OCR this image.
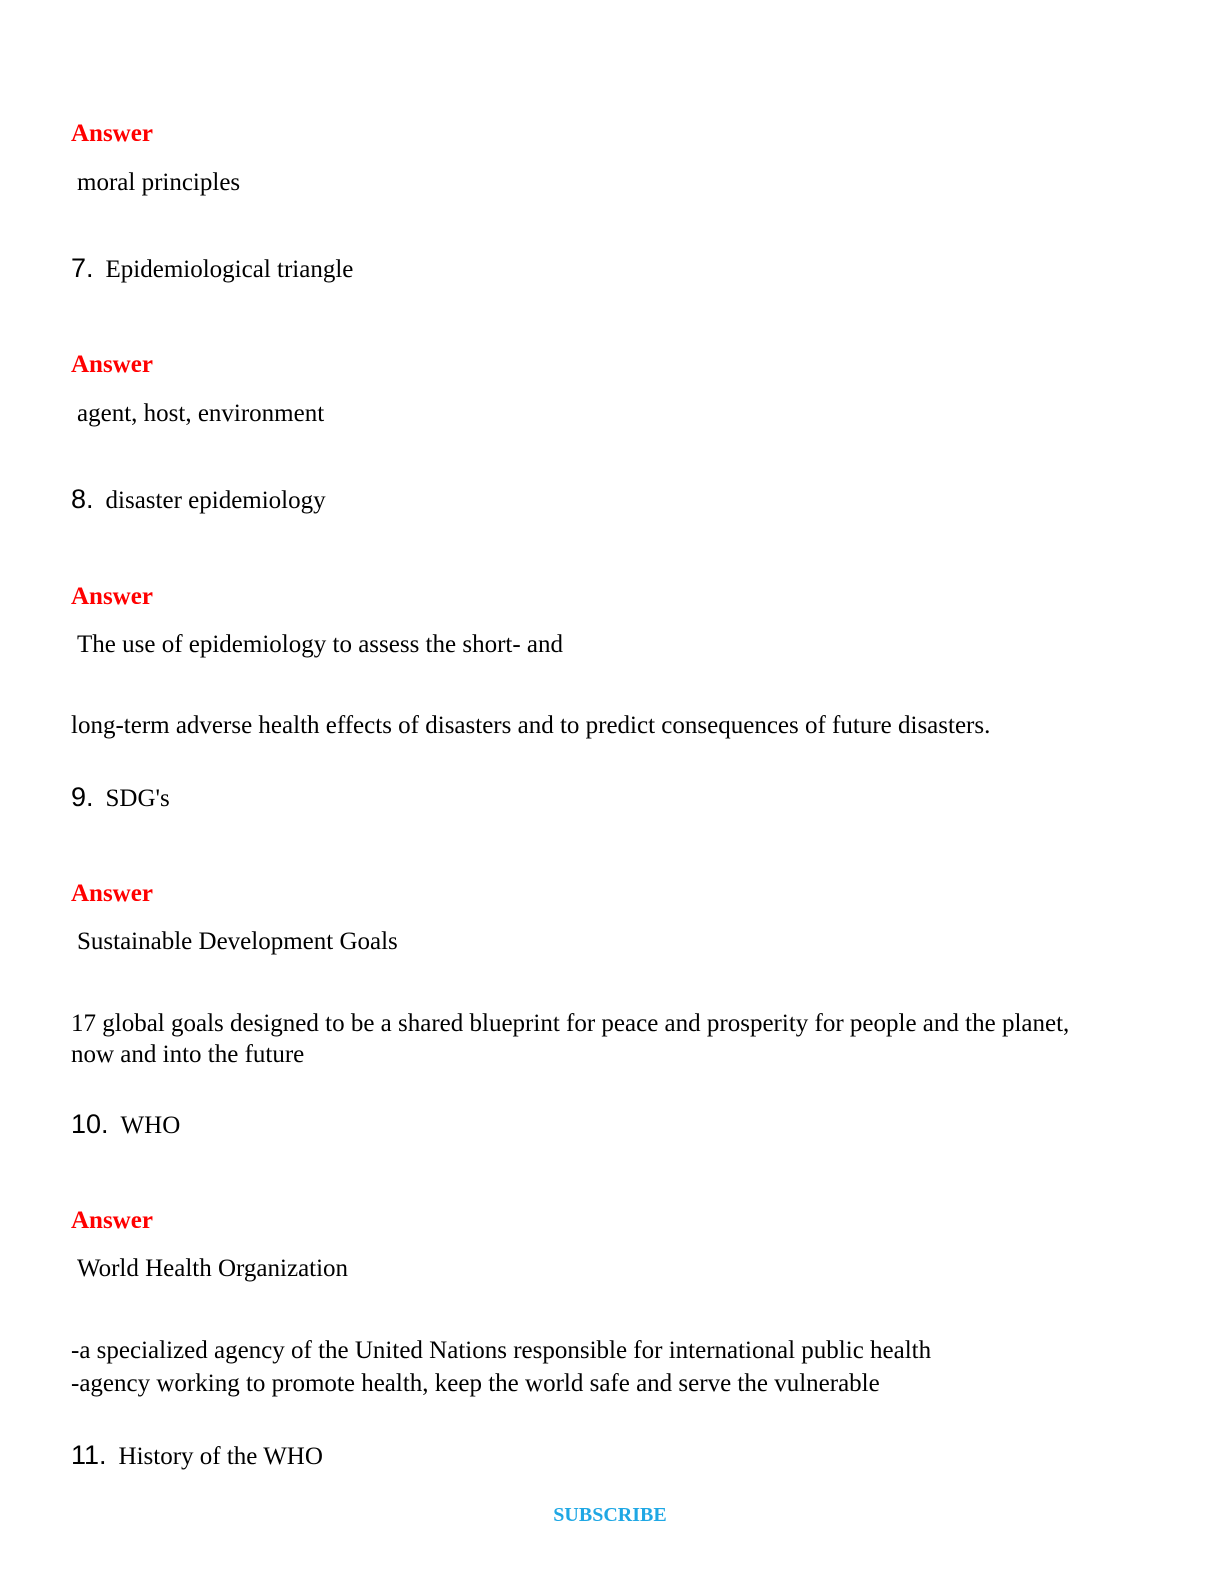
Answer
moral principles
7. Epidemiological triangle
Answer
agent, host, environment
8. disaster epidemiology
Answer
The use of epidemiology to assess the short- and
long-term adverse health effects of disasters and to predict consequences of future disasters.
9. SDG's
Answer
Sustainable Development Goals
17 global goals designed to be a shared blueprint for peace and prosperity for people and the planet,
now and into the future
10. WHO
Answer
World Health Organization
-a specialized agency of the United Nations responsible for international public health
-agency working to promote health, keep the world safe and serve the vulnerable
11. History of the WHO
SUBSCRIBE
